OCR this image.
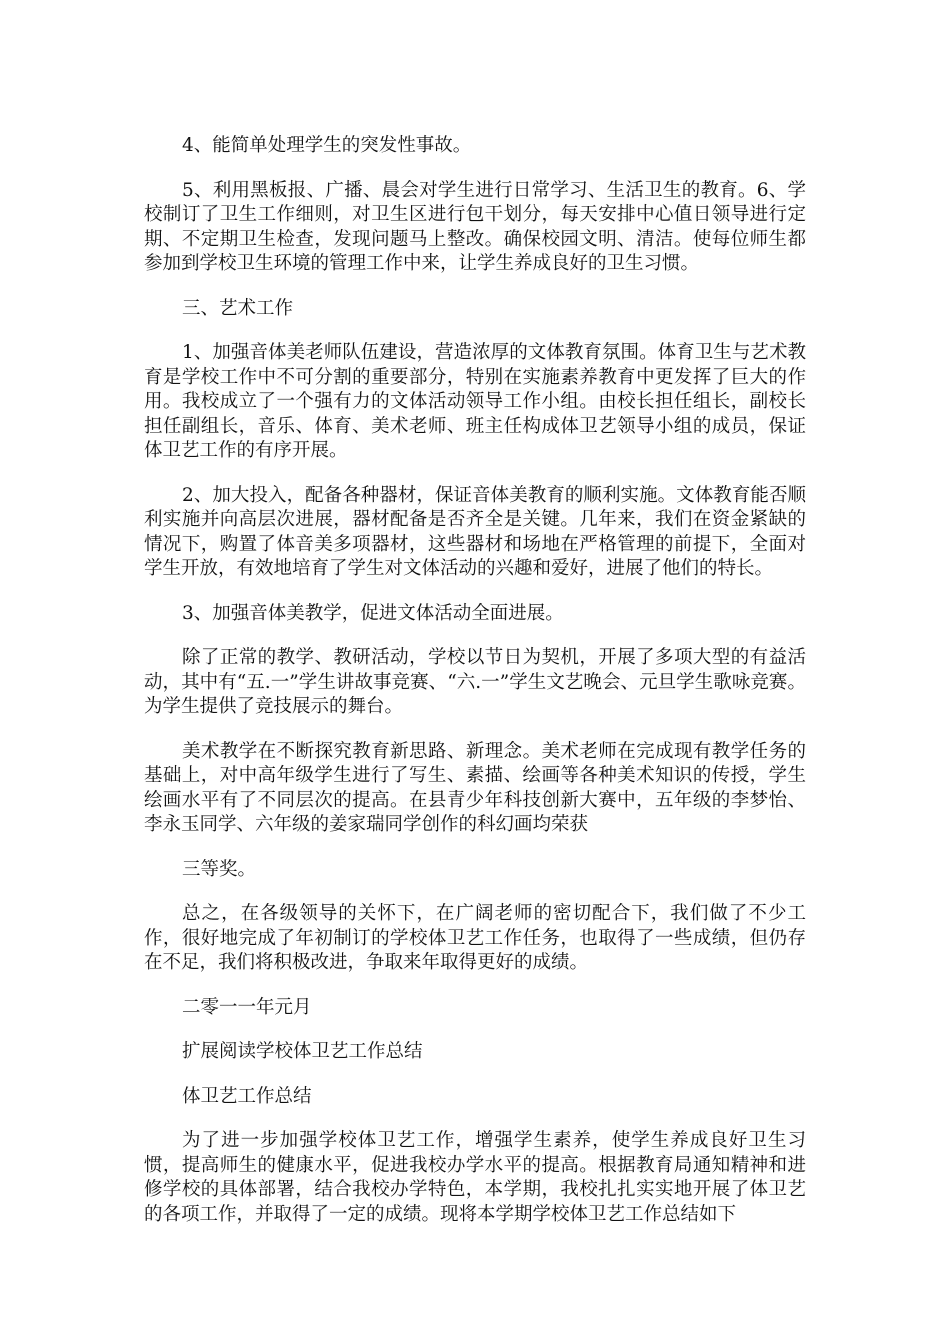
4、能简单处理学生的突发性事故。

5、利用黑板报、广播、晨会对学生进行日常学习、生活卫生的教育。6、学校制订了卫生工作细则，对卫生区进行包干划分，每天安排中心值日领导进行定期、不定期卫生检查，发现问题马上整改。确保校园文明、清洁。使每位师生都参加到学校卫生环境的管理工作中来，让学生养成良好的卫生习惯。

三、艺术工作

1、加强音体美老师队伍建设，营造浓厚的文体教育氛围。体育卫生与艺术教育是学校工作中不可分割的重要部分，特别在实施素养教育中更发挥了巨大的作用。我校成立了一个强有力的文体活动领导工作小组。由校长担任组长，副校长担任副组长，音乐、体育、美术老师、班主任构成体卫艺领导小组的成员，保证体卫艺工作的有序开展。

2、加大投入，配备各种器材，保证音体美教育的顺利实施。文体教育能否顺利实施并向高层次进展，器材配备是否齐全是关键。几年来，我们在资金紧缺的情况下，购置了体音美多项器材，这些器材和场地在严格管理的前提下，全面对学生开放，有效地培育了学生对文体活动的兴趣和爱好，进展了他们的特长。

3、加强音体美教学，促进文体活动全面进展。

除了正常的教学、教研活动，学校以节日为契机，开展了多项大型的有益活动，其中有“五.一”学生讲故事竞赛、“六.一”学生文艺晚会、元旦学生歌咏竞赛。为学生提供了竞技展示的舞台。

美术教学在不断探究教育新思路、新理念。美术老师在完成现有教学任务的基础上，对中高年级学生进行了写生、素描、绘画等各种美术知识的传授，学生绘画水平有了不同层次的提高。在县青少年科技创新大赛中，五年级的李梦怡、李永玉同学、六年级的姜家瑞同学创作的科幻画均荣获

三等奖。

总之，在各级领导的关怀下，在广阔老师的密切配合下，我们做了不少工作，很好地完成了年初制订的学校体卫艺工作任务，也取得了一些成绩，但仍存在不足，我们将积极改进，争取来年取得更好的成绩。

二零一一年元月

扩展阅读学校体卫艺工作总结

体卫艺工作总结

为了进一步加强学校体卫艺工作，增强学生素养，使学生养成良好卫生习惯，提高师生的健康水平，促进我校办学水平的提高。根据教育局通知精神和进修学校的具体部署，结合我校办学特色，本学期，我校扎扎实实地开展了体卫艺的各项工作，并取得了一定的成绩。现将本学期学校体卫艺工作总结如下
